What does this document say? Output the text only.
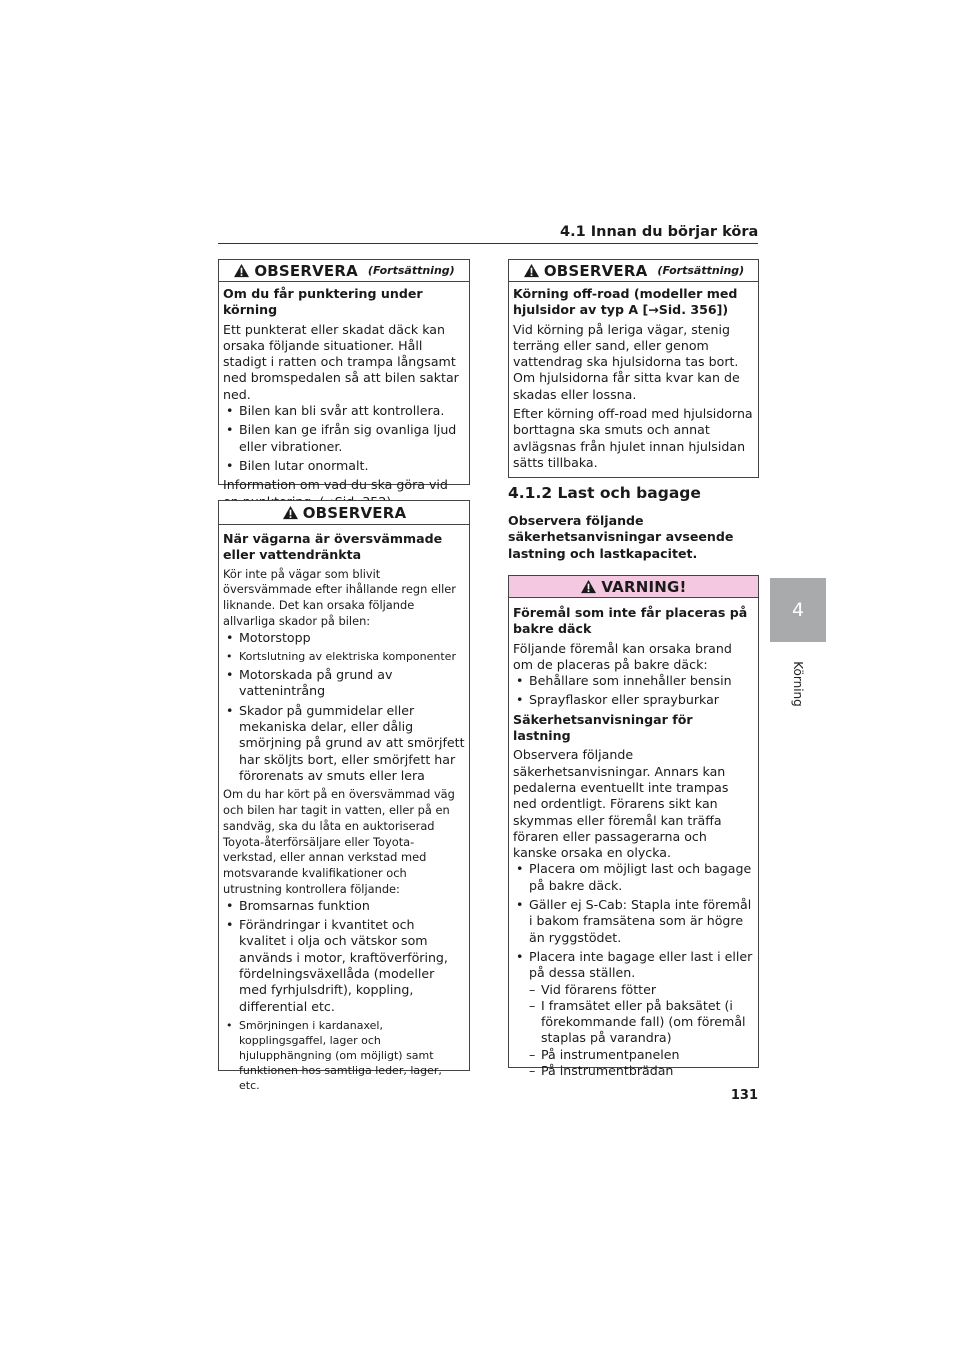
4.1 Innan du börjar köra
4
Körning
OBSERVERA (Fortsättning)

Om du får punktering under körning

Ett punkterat eller skadat däck kan orsaka följande situationer. Håll stadigt i ratten och trampa långsamt ned bromspedalen så att bilen saktar ned.

• Bilen kan bli svår att kontrollera.
• Bilen kan ge ifrån sig ovanliga ljud eller vibrationer.
• Bilen lutar onormalt.

Information om vad du ska göra vid

OBSERVERA

När vägarna är översvämmade eller vattendränkta

Kör inte på vägar som blivit översvämmade efter ihållande regn eller liknande. Det kan orsaka följande allvarliga skador på bilen:

• Motorstopp
• Kortslutning av elektriska komponenter
• Motorskada på grund av vattenintrång
• Skador på gummidelar eller mekaniska delar, eller dålig smörjning på grund av att smörjfett har sköljts bort, eller smörjfett har förorenats av smuts eller lera

Om du har kört på en översvämmad väg och bilen har tagit in vatten, eller på en sandväg, ska du låta en auktoriserad Toyota-återförsäljare eller Toyota-verkstad, eller annan verkstad med motsvarande kvalifikationer och utrustning kontrollera följande:

• Bromsarnas funktion
• Förändringar i kvantitet och kvalitet i olja och vätskor som används i motor, kraftöverföring, fördelningsväxellåda (modeller med fyrhjulsdrift), koppling, differential etc.
• Smörjningen i kardanaxel, kopplingsgaffel, lager och hjulupphängning (om möjligt) samt funktionen hos samtliga leder, lager, etc.
OBSERVERA (Fortsättning)

Körning off-road (modeller med hjulsidor av typ A [→Sid. 356])

Vid körning på leriga vägar, stenig terräng eller sand, eller genom vattendrag ska hjulsidorna tas bort. Om hjulsidorna får sitta kvar kan de skadas eller lossna.

Efter körning off-road med hjulsidorna borttagna ska smuts och annat avlägsnas från hjulet innan hjulsidan sätts tillbaka.

4.1.2 Last och bagage
Observera följande säkerhetsanvisningar avseende lastning och lastkapacitet.
VARNING!

Föremål som inte får placeras på bakre däck

Följande föremål kan orsaka brand om de placeras på bakre däck:

• Behållare som innehåller bensin
• Sprayflaskor eller sprayburkar

Säkerhetsanvisningar för lastning

Observera följande säkerhetsanvisningar. Annars kan pedalerna eventuellt inte trampas ned ordentligt. Förarens sikt kan skymmas eller föremål kan träffa föraren eller passagerarna och kanske orsaka en olycka.

• Placera om möjligt last och bagage på bakre däck.
• Gäller ej S-Cab: Stapla inte föremål i bakom framsätena som är högre än ryggstödet.
• Placera inte bagage eller last i eller på dessa ställen.
– Vid förarens fötter
– I framsätet eller på baksätet (i förekommande fall) (om föremål staplas på varandra)
– På instrumentpanelen
– På instrumentbrädan
131
